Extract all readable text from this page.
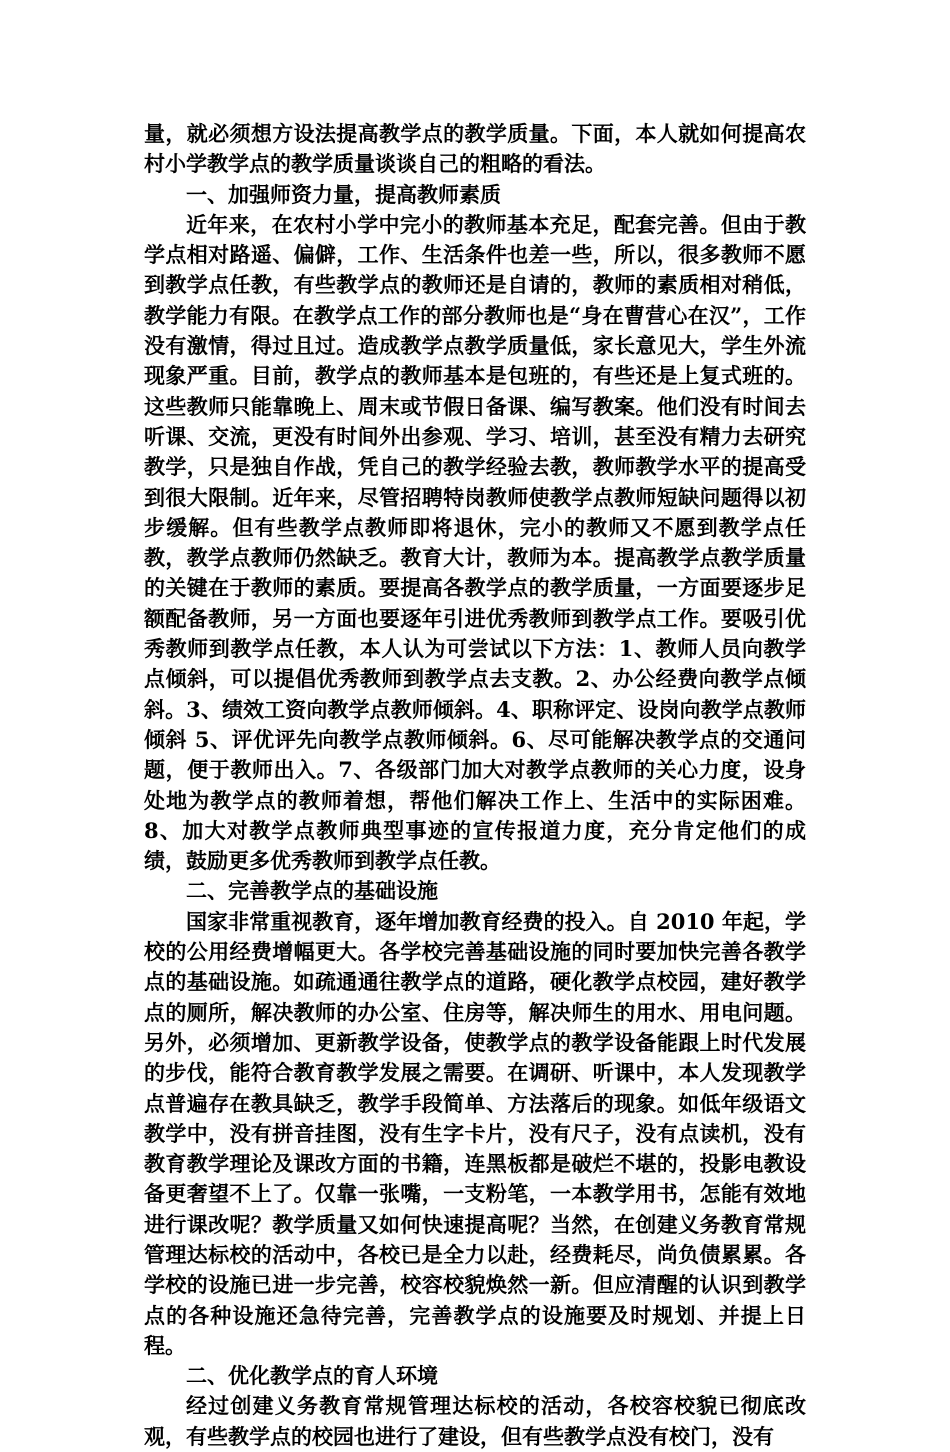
量，就必须想方设法提高教学点的教学质量。下面，本人就如何提高农村小学教学点的教学质量谈谈自己的粗略的看法。

一、加强师资力量，提高教师素质

近年来，在农村小学中完小的教师基本充足，配套完善。但由于教学点相对路遥、偏僻，工作、生活条件也差一些，所以，很多教师不愿到教学点任教，有些教学点的教师还是自请的，教师的素质相对稍低，教学能力有限。在教学点工作的部分教师也是“身在曹营心在汉”，工作没有激情，得过且过。造成教学点教学质量低，家长意见大，学生外流现象严重。目前，教学点的教师基本是包班的，有些还是上复式班的。这些教师只能靠晚上、周末或节假日备课、编写教案。他们没有时间去听课、交流，更没有时间外出参观、学习、培训，甚至没有精力去研究教学，只是独自作战，凭自己的教学经验去教，教师教学水平的提高受到很大限制。近年来，尽管招聘特岗教师使教学点教师短缺问题得以初步缓解。但有些教学点教师即将退休，完小的教师又不愿到教学点任教，教学点教师仍然缺乏。教育大计，教师为本。提高教学点教学质量的关键在于教师的素质。要提高各教学点的教学质量，一方面要逐步足额配备教师，另一方面也要逐年引进优秀教师到教学点工作。要吸引优秀教师到教学点任教，本人认为可尝试以下方法：1、教师人员向教学点倾斜，可以提倡优秀教师到教学点去支教。2、办公经费向教学点倾斜。3、绩效工资向教学点教师倾斜。4、职称评定、设岗向教学点教师倾斜 5、评优评先向教学点教师倾斜。6、尽可能解决教学点的交通问题，便于教师出入。7、各级部门加大对教学点教师的关心力度，设身处地为教学点的教师着想，帮他们解决工作上、生活中的实际困难。8、加大对教学点教师典型事迹的宣传报道力度，充分肯定他们的成绩，鼓励更多优秀教师到教学点任教。

二、完善教学点的基础设施

国家非常重视教育，逐年增加教育经费的投入。自 2010 年起，学校的公用经费增幅更大。各学校完善基础设施的同时要加快完善各教学点的基础设施。如疏通通往教学点的道路，硬化教学点校园，建好教学点的厕所，解决教师的办公室、住房等，解决师生的用水、用电问题。另外，必须增加、更新教学设备，使教学点的教学设备能跟上时代发展的步伐，能符合教育教学发展之需要。在调研、听课中，本人发现教学点普遍存在教具缺乏，教学手段简单、方法落后的现象。如低年级语文教学中，没有拼音挂图，没有生字卡片，没有尺子，没有点读机，没有教育教学理论及课改方面的书籍，连黑板都是破烂不堪的，投影电教设备更奢望不上了。仅靠一张嘴，一支粉笔，一本教学用书，怎能有效地进行课改呢？教学质量又如何快速提高呢？当然，在创建义务教育常规管理达标校的活动中，各校已是全力以赴，经费耗尽，尚负债累累。各学校的设施已进一步完善，校容校貌焕然一新。但应清醒的认识到教学点的各种设施还急待完善，完善教学点的设施要及时规划、并提上日程。

二、优化教学点的育人环境

经过创建义务教育常规管理达标校的活动，各校容校貌已彻底改观，有些教学点的校园也进行了建设，但有些教学点没有校门，没有
